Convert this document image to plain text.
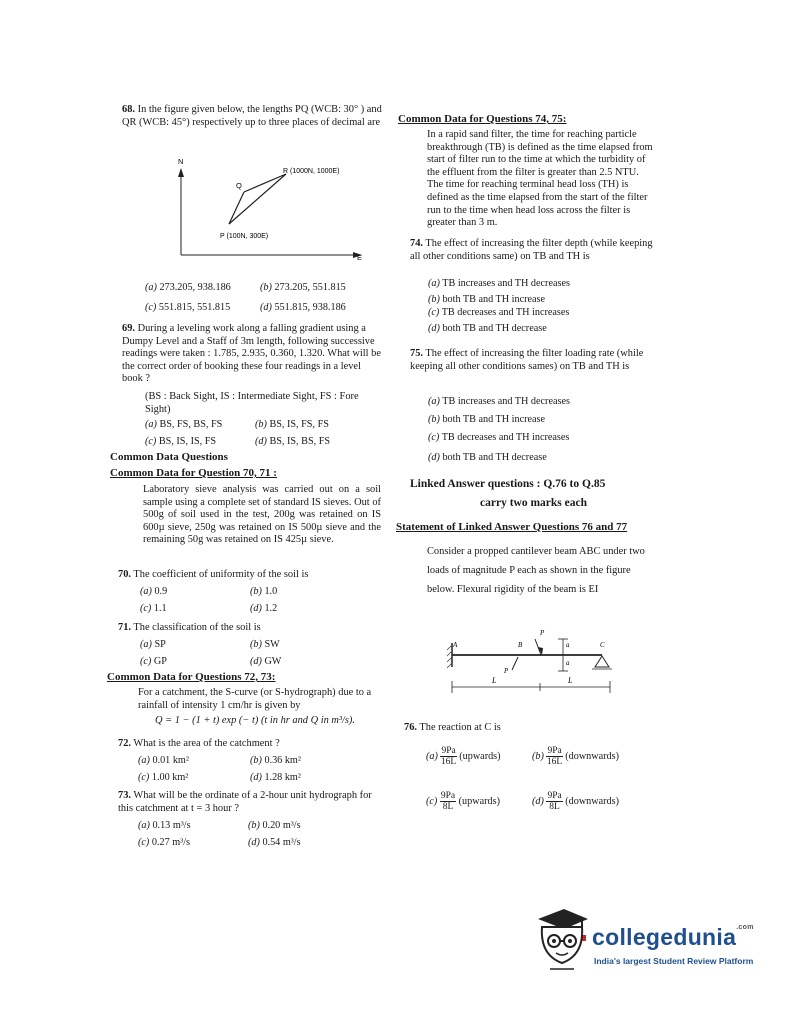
68. In the figure given below, the lengths PQ (WCB: 30° ) and QR (WCB: 45°) respectively up to three places of decimal are
N
E
Q
R (1000N, 1000E)
P (100N, 300E)
(a) 273.205, 938.186	(b) 273.205, 551.815
(c) 551.815, 551.815	(d) 551.815, 938.186
69. During a leveling work along a falling gradient using a Dumpy Level and a Staff of 3m length, following successive readings were taken : 1.785, 2.935, 0.360, 1.320. What will be the correct order of booking these four readings in a level book ?
(BS : Back Sight, IS : Intermediate Sight, FS : Fore Sight)
(a) BS, FS, BS, FS	(b) BS, IS, FS, FS
(c) BS, IS, IS, FS	(d) BS, IS, BS, FS
Common Data Questions
Common Data for Question 70, 71 :
Laboratory sieve analysis was carried out on a soil sample using a complete set of standard IS sieves. Out of 500g of soil used in the test, 200g was retained on IS 600µ sieve, 250g was retained on IS 500µ sieve and the remaining 50g was retained on IS 425µ sieve.
70. The coefficient of uniformity of the soil is
(a) 0.9	(b) 1.0
(c) 1.1	(d) 1.2
71. The classification of the soil is
(a) SP	(b) SW
(c) GP	(d) GW
Common Data for Questions 72, 73:
For a catchment, the S-curve (or S-hydrograph) due to a rainfall of intensity 1 cm/hr is given by
Q = 1 − (1 + t) exp (− t) (t in hr and Q in m³/s).
72. What is the area of the catchment ?
(a) 0.01 km²	(b) 0.36 km²
(c) 1.00 km²	(d) 1.28 km²
73. What will be the ordinate of a 2-hour unit hydrograph for this catchment at t = 3 hour ?
(a) 0.13 m³/s	(b) 0.20 m³/s
(c) 0.27 m³/s	(d) 0.54 m³/s
Common Data for Questions 74, 75:
In a rapid sand filter, the time for reaching particle breakthrough (TB) is defined as the time elapsed from start of filter run to the time at which the turbidity of the effluent from the filter is greater than 2.5 NTU. The time for reaching terminal head loss (TH) is defined as the time elapsed from the start of the filter run to the time when head loss across the filter is greater than 3 m.
74. The effect of increasing the filter depth (while keeping all other conditions same) on TB and TH is
(a) TB increases and TH decreases
(b) both TB and TH increase
(c) TB decreases and TH increases
(d) both TB and TH decrease
75. The effect of increasing the filter loading rate (while keeping all other conditions sames) on TB and TH is
(a) TB increases and TH decreases
(b) both TB and TH increase
(c) TB decreases and TH increases
(d) both TB and TH decrease
Linked Answer questions : Q.76 to Q.85
carry two marks each
Statement of Linked Answer Questions 76 and 77
Consider a propped cantilever beam ABC under two loads of magnitude P each as shown in the figure below. Flexural rigidity of the beam is EI
A	B	C
P
P
a
a
L	L
76. The reaction at C is
$(a) \frac{9Pa}{16L}$ (upwards)	$(b) \frac{9Pa}{16L}$ (downwards)
$(c) \frac{9Pa}{8L}$ (upwards)	$(d) \frac{9Pa}{8L}$ (downwards)
collegedunia$^{.com}$
India's largest Student Review Platform
